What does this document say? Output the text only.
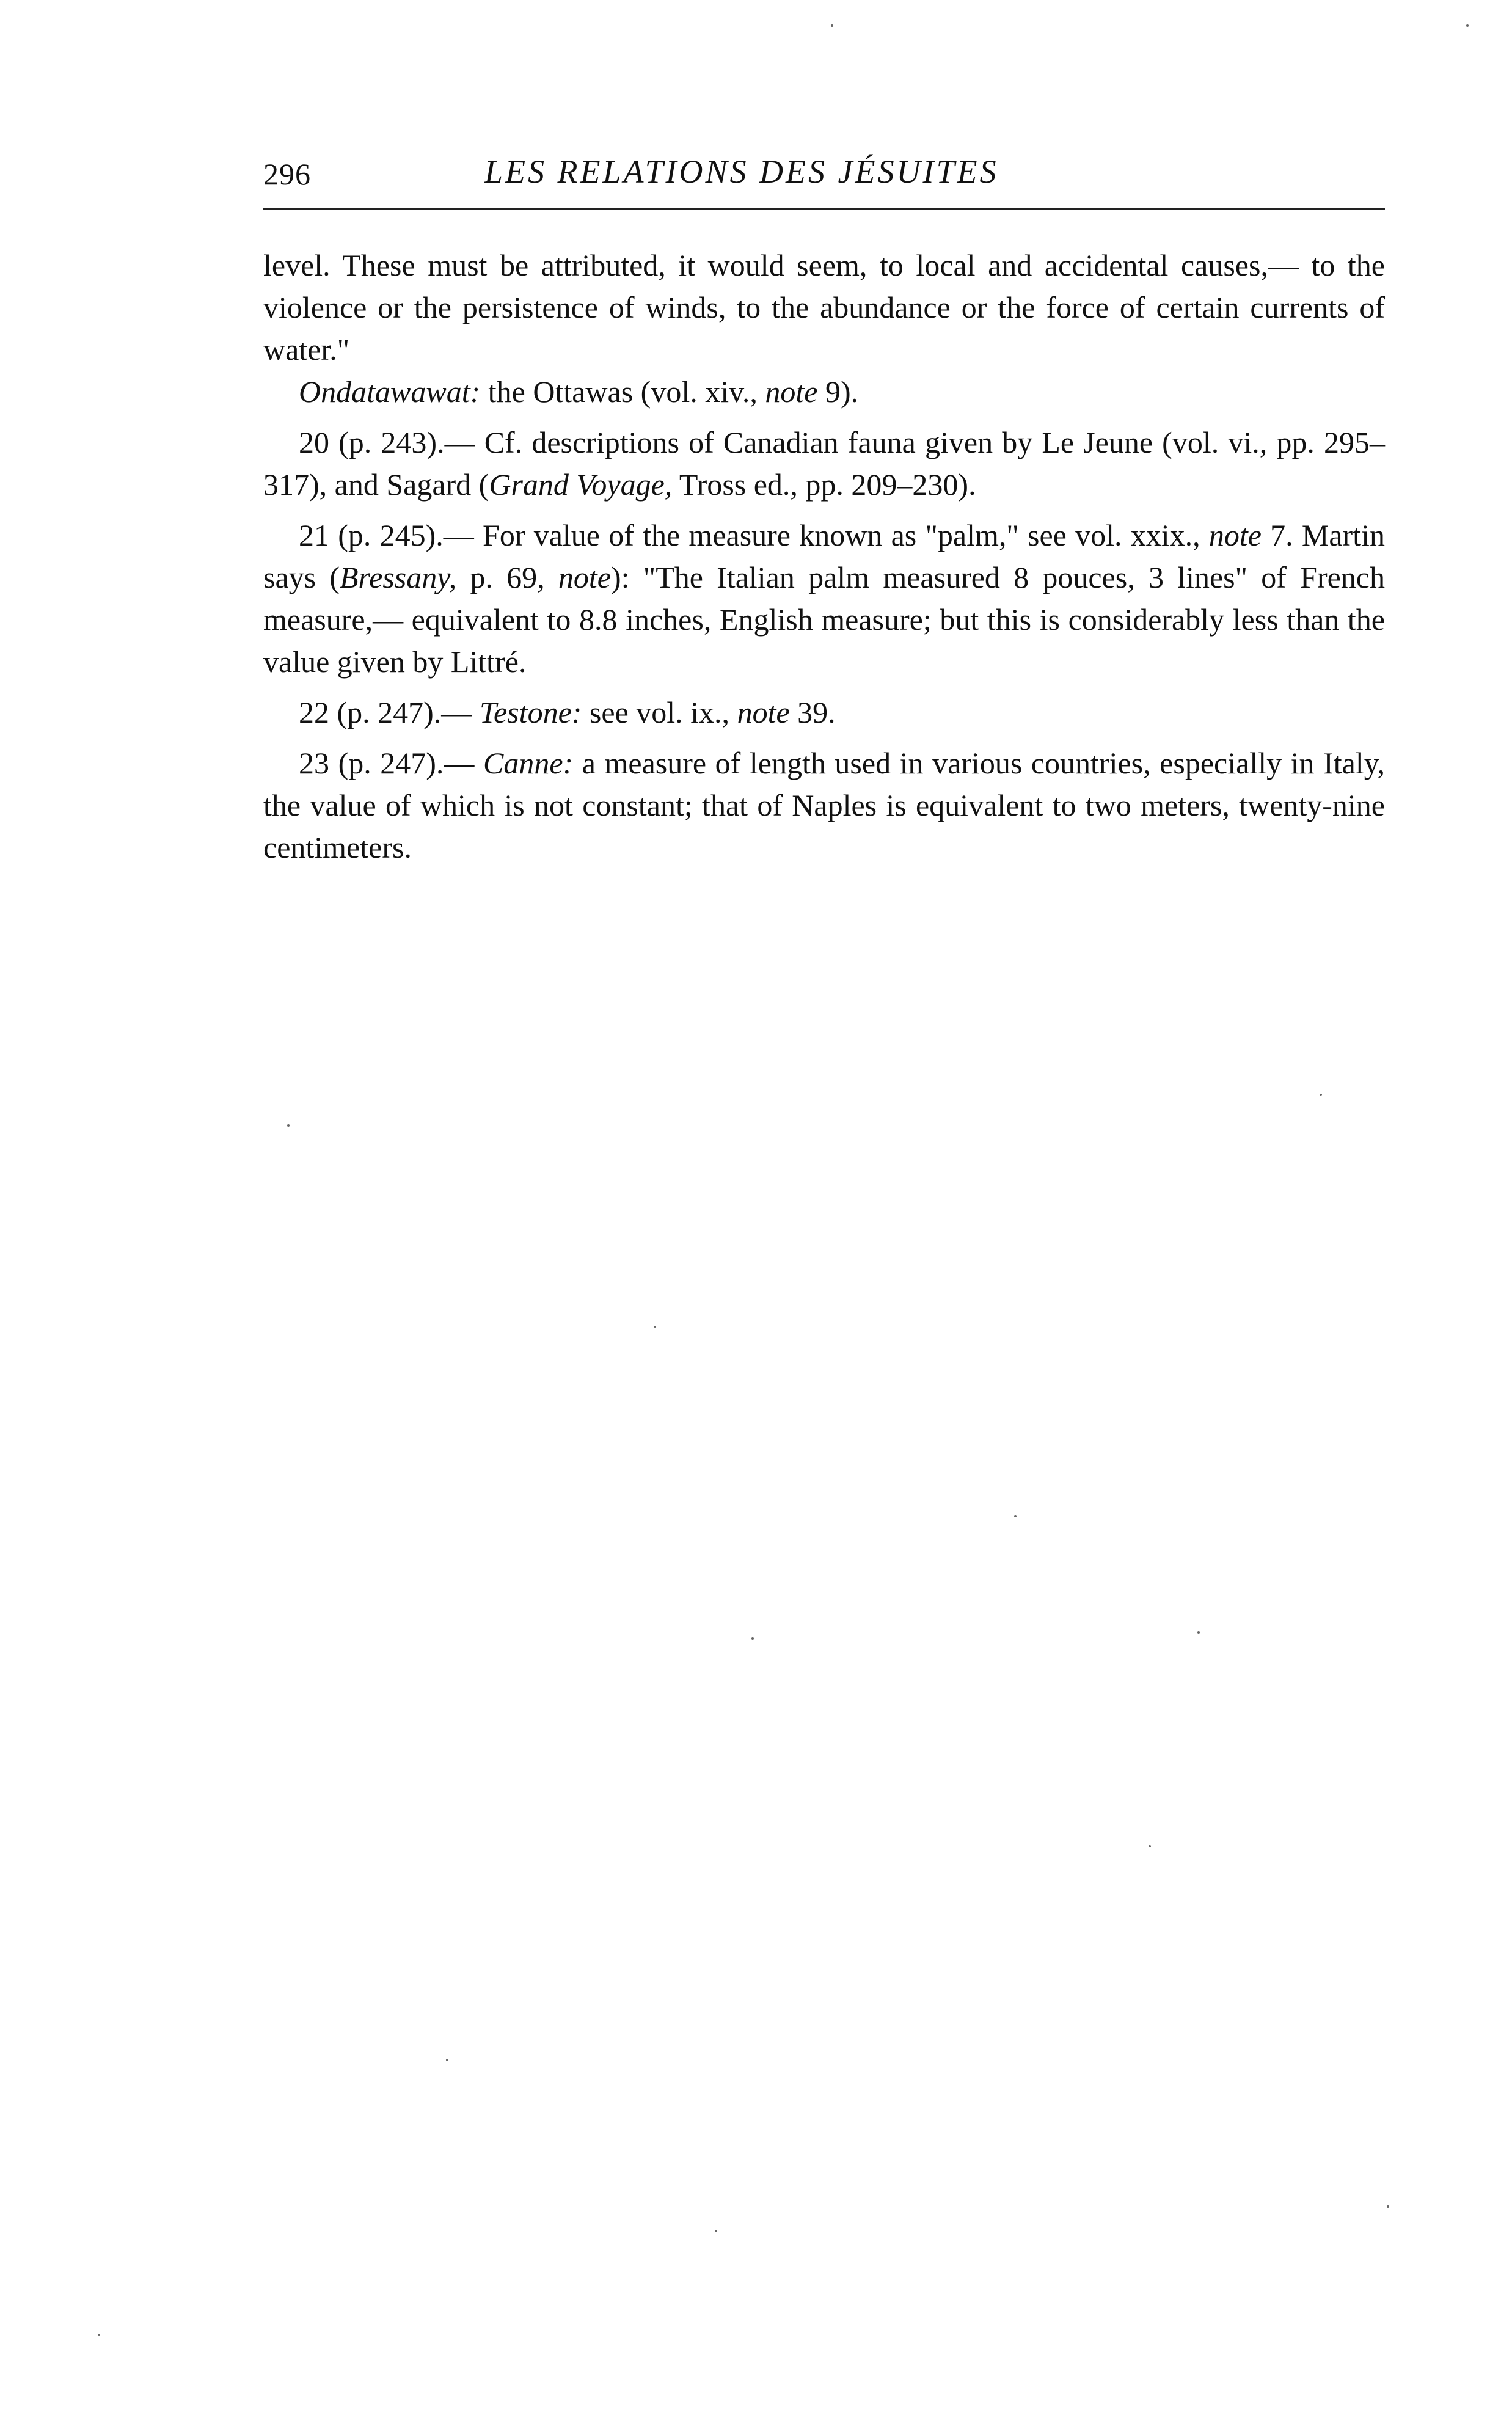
296	LES RELATIONS DES JÉSUITES

level. These must be attributed, it would seem, to local and accidental causes,— to the violence or the persistence of winds, to the abundance or the force of certain currents of water."

Ondatawawat: the Ottawas (vol. xiv., note 9).

20 (p. 243).— Cf. descriptions of Canadian fauna given by Le Jeune (vol. vi., pp. 295–317), and Sagard (Grand Voyage, Tross ed., pp. 209–230).

21 (p. 245).— For value of the measure known as "palm," see vol. xxix., note 7. Martin says (Bressany, p. 69, note): "The Italian palm measured 8 pouces, 3 lines" of French measure,— equivalent to 8.8 inches, English measure; but this is considerably less than the value given by Littré.

22 (p. 247).— Testone: see vol. ix., note 39.

23 (p. 247).— Canne: a measure of length used in various countries, especially in Italy, the value of which is not constant; that of Naples is equivalent to two meters, twenty-nine centimeters.
